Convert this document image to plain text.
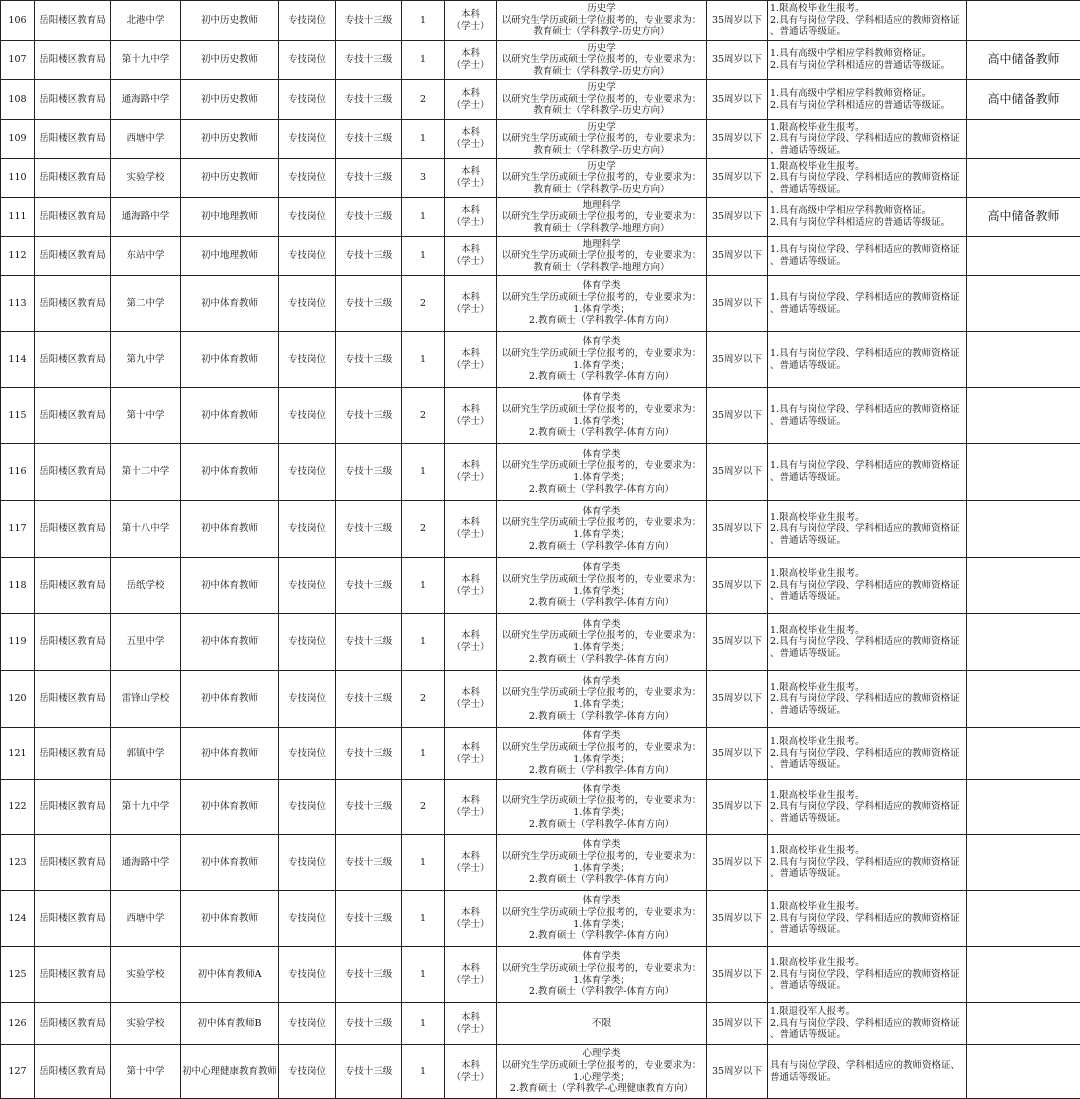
106	岳阳楼区教育局	北港中学	初中历史教师	专技岗位	专技十三级	1	本科
（学士）	历史学
以研究生学历或硕士学位报考的，专业要求为：
教育硕士（学科教学-历史方向）	35周岁以下	1.限高校毕业生报考。
2.具有与岗位学段、学科相适应的教师资格证
、普通话等级证。	

107	岳阳楼区教育局	第十九中学	初中历史教师	专技岗位	专技十三级	1	本科
（学士）	历史学
以研究生学历或硕士学位报考的，专业要求为：
教育硕士（学科教学-历史方向）	35周岁以下	1.具有高级中学相应学科教师资格证。
2.具有与岗位学科相适应的普通话等级证。	高中储备教师
108	岳阳楼区教育局	通海路中学	初中历史教师	专技岗位	专技十三级	2	本科
（学士）	历史学
以研究生学历或硕士学位报考的，专业要求为：
教育硕士（学科教学-历史方向）	35周岁以下	1.具有高级中学相应学科教师资格证。
2.具有与岗位学科相适应的普通话等级证。	高中储备教师
109	岳阳楼区教育局	西塘中学	初中历史教师	专技岗位	专技十三级	1	本科
（学士）	历史学
以研究生学历或硕士学位报考的，专业要求为：
教育硕士（学科教学-历史方向）	35周岁以下	1.限高校毕业生报考。
2.具有与岗位学段、学科相适应的教师资格证
、普通话等级证。	

110	岳阳楼区教育局	实验学校	初中历史教师	专技岗位	专技十三级	3	本科
（学士）	历史学
以研究生学历或硕士学位报考的，专业要求为：
教育硕士（学科教学-历史方向）	35周岁以下	1.限高校毕业生报考。
2.具有与岗位学段、学科相适应的教师资格证
、普通话等级证。	

111	岳阳楼区教育局	通海路中学	初中地理教师	专技岗位	专技十三级	1	本科
（学士）	地理科学
以研究生学历或硕士学位报考的，专业要求为：
教育硕士（学科教学-地理方向）	35周岁以下	1.具有高级中学相应学科教师资格证。
2.具有与岗位学科相适应的普通话等级证。	高中储备教师
112	岳阳楼区教育局	东站中学	初中地理教师	专技岗位	专技十三级	1	本科
（学士）	地理科学
以研究生学历或硕士学位报考的，专业要求为：
教育硕士（学科教学-地理方向）	35周岁以下	1.具有与岗位学段、学科相适应的教师资格证
、普通话等级证。	

113	岳阳楼区教育局	第二中学	初中体育教师	专技岗位	专技十三级	2	本科
（学士）	体育学类
以研究生学历或硕士学位报考的，专业要求为：
1.体育学类；
2.教育硕士（学科教学-体育方向）	35周岁以下	1.具有与岗位学段、学科相适应的教师资格证
、普通话等级证。	

114	岳阳楼区教育局	第九中学	初中体育教师	专技岗位	专技十三级	1	本科
（学士）	体育学类
以研究生学历或硕士学位报考的，专业要求为：
1.体育学类；
2.教育硕士（学科教学-体育方向）	35周岁以下	1.具有与岗位学段、学科相适应的教师资格证
、普通话等级证。	

115	岳阳楼区教育局	第十中学	初中体育教师	专技岗位	专技十三级	2	本科
（学士）	体育学类
以研究生学历或硕士学位报考的，专业要求为：
1.体育学类；
2.教育硕士（学科教学-体育方向）	35周岁以下	1.具有与岗位学段、学科相适应的教师资格证
、普通话等级证。	

116	岳阳楼区教育局	第十二中学	初中体育教师	专技岗位	专技十三级	1	本科
（学士）	体育学类
以研究生学历或硕士学位报考的，专业要求为：
1.体育学类；
2.教育硕士（学科教学-体育方向）	35周岁以下	1.具有与岗位学段、学科相适应的教师资格证
、普通话等级证。	

117	岳阳楼区教育局	第十八中学	初中体育教师	专技岗位	专技十三级	2	本科
（学士）	体育学类
以研究生学历或硕士学位报考的，专业要求为：
1.体育学类；
2.教育硕士（学科教学-体育方向）	35周岁以下	1.限高校毕业生报考。
2.具有与岗位学段、学科相适应的教师资格证
、普通话等级证。	

118	岳阳楼区教育局	岳纸学校	初中体育教师	专技岗位	专技十三级	1	本科
（学士）	体育学类
以研究生学历或硕士学位报考的，专业要求为：
1.体育学类；
2.教育硕士（学科教学-体育方向）	35周岁以下	1.限高校毕业生报考。
2.具有与岗位学段、学科相适应的教师资格证
、普通话等级证。	

119	岳阳楼区教育局	五里中学	初中体育教师	专技岗位	专技十三级	1	本科
（学士）	体育学类
以研究生学历或硕士学位报考的，专业要求为：
1.体育学类；
2.教育硕士（学科教学-体育方向）	35周岁以下	1.限高校毕业生报考。
2.具有与岗位学段、学科相适应的教师资格证
、普通话等级证。	

120	岳阳楼区教育局	雷锋山学校	初中体育教师	专技岗位	专技十三级	2	本科
（学士）	体育学类
以研究生学历或硕士学位报考的，专业要求为：
1.体育学类；
2.教育硕士（学科教学-体育方向）	35周岁以下	1.限高校毕业生报考。
2.具有与岗位学段、学科相适应的教师资格证
、普通话等级证。	

121	岳阳楼区教育局	郭镇中学	初中体育教师	专技岗位	专技十三级	1	本科
（学士）	体育学类
以研究生学历或硕士学位报考的，专业要求为：
1.体育学类；
2.教育硕士（学科教学-体育方向）	35周岁以下	1.限高校毕业生报考。
2.具有与岗位学段、学科相适应的教师资格证
、普通话等级证。	

122	岳阳楼区教育局	第十九中学	初中体育教师	专技岗位	专技十三级	2	本科
（学士）	体育学类
以研究生学历或硕士学位报考的，专业要求为：
1.体育学类；
2.教育硕士（学科教学-体育方向）	35周岁以下	1.限高校毕业生报考。
2.具有与岗位学段、学科相适应的教师资格证
、普通话等级证。	

123	岳阳楼区教育局	通海路中学	初中体育教师	专技岗位	专技十三级	1	本科
（学士）	体育学类
以研究生学历或硕士学位报考的，专业要求为：
1.体育学类；
2.教育硕士（学科教学-体育方向）	35周岁以下	1.限高校毕业生报考。
2.具有与岗位学段、学科相适应的教师资格证
、普通话等级证。	

124	岳阳楼区教育局	西塘中学	初中体育教师	专技岗位	专技十三级	1	本科
（学士）	体育学类
以研究生学历或硕士学位报考的，专业要求为：
1.体育学类；
2.教育硕士（学科教学-体育方向）	35周岁以下	1.限高校毕业生报考。
2.具有与岗位学段、学科相适应的教师资格证
、普通话等级证。	

125	岳阳楼区教育局	实验学校	初中体育教师A	专技岗位	专技十三级	1	本科
（学士）	体育学类
以研究生学历或硕士学位报考的，专业要求为：
1.体育学类；
2.教育硕士（学科教学-体育方向）	35周岁以下	1.限高校毕业生报考。
2.具有与岗位学段、学科相适应的教师资格证
、普通话等级证。	

126	岳阳楼区教育局	实验学校	初中体育教师B	专技岗位	专技十三级	1	本科
（学士）	不限	35周岁以下	1.限退役军人报考。
2.具有与岗位学段、学科相适应的教师资格证
、普通话等级证。	

127	岳阳楼区教育局	第十中学	初中心理健康教育教师	专技岗位	专技十三级	1	本科
（学士）	心理学类
以研究生学历或硕士学位报考的，专业要求为：
1.心理学类；
2.教育硕士（学科教学-心理健康教育方向）	35周岁以下	具有与岗位学段、学科相适应的教师资格证、
普通话等级证。	
